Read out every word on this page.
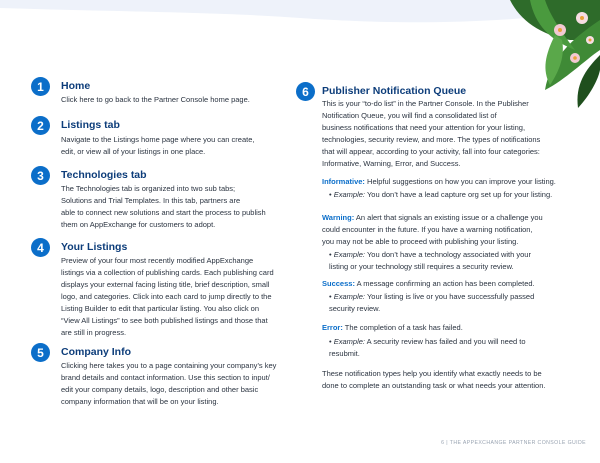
1	Home
Click here to go back to the Partner Console home page.
2	Listings tab
Navigate to the Listings home page where you can create,
edit, or view all of your listings in one place.
3	Technologies tab
The Technologies tab is organized into two sub tabs;
Solutions and Trial Templates. In this tab, partners are
able to connect new solutions and start the process to publish
them on AppExchange for customers to adopt.
4	Your Listings
Preview of your four most recently modified AppExchange
listings via a collection of publishing cards. Each publishing card
displays your external facing listing title, brief description, small
logo, and categories. Click into each card to jump directly to the
Listing Builder to edit that particular listing. You also click on
“View All Listings” to see both published listings and those that
are still in progress.
5	Company Info
Clicking here takes you to a page containing your company’s key
brand details and contact information. Use this section to input/
edit your company details, logo, description and other basic
company information that will be on your listing.
6	Publisher Notification Queue
This is your “to-do list” in the Partner Console. In the Publisher
Notification Queue, you will find a consolidated list of
business notifications that need your attention for your listing,
technologies, security review, and more. The types of notifications
that will appear, according to your activity, fall into four categories:
Informative, Warning, Error, and Success.
Informative: Helpful suggestions on how you can improve your listing.
• Example: You don’t have a lead capture org set up for your listing.
Warning: An alert that signals an existing issue or a challenge you
could encounter in the future. If you have a warning notification,
you may not be able to proceed with publishing your listing.
• Example: You don’t have a technology associated with your
listing or your technology still requires a security review.
Success: A message confirming an action has been completed.
• Example: Your listing is live or you have successfully passed
security review.
Error: The completion of a task has failed.
• Example: A security review has failed and you will need to
resubmit.
These notification types help you identify what exactly needs to be
done to complete an outstanding task or what needs your attention.
6 | THE APPEXCHANGE PARTNER CONSOLE GUIDE
